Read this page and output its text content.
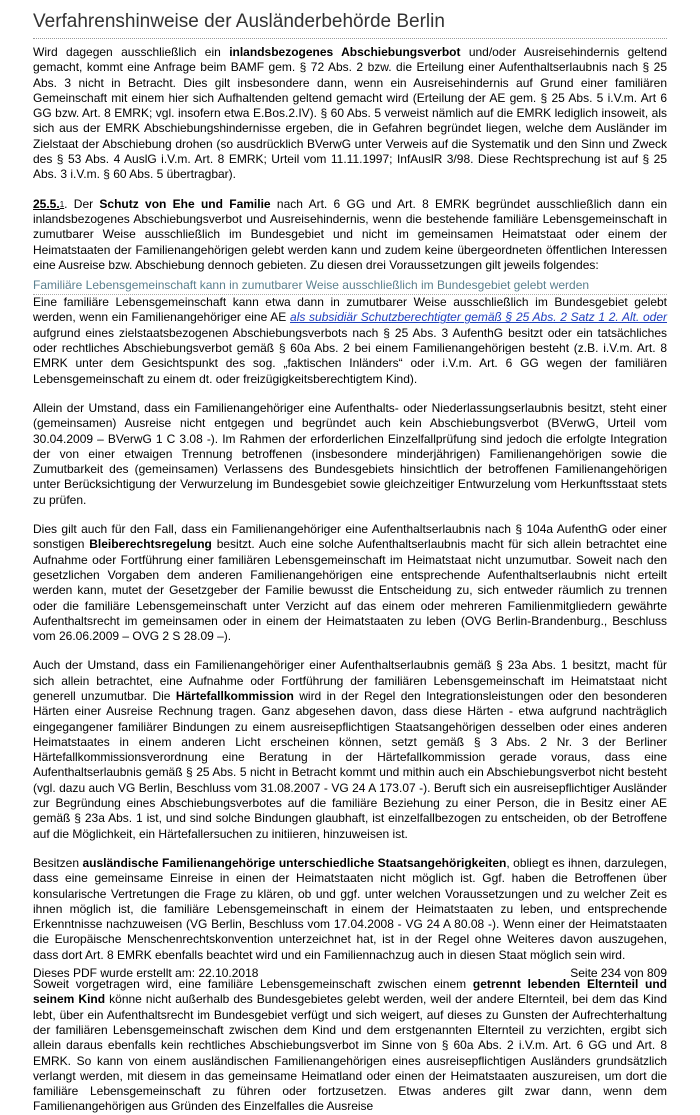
Verfahrenshinweise der Ausländerbehörde Berlin

Wird dagegen ausschließlich ein inlandsbezogenes Abschiebungsverbot und/oder Ausreisehindernis geltend gemacht, kommt eine Anfrage beim BAMF gem. § 72 Abs. 2 bzw. die Erteilung einer Aufenthaltserlaubnis nach § 25 Abs. 3 nicht in Betracht. Dies gilt insbesondere dann, wenn ein Ausreisehindernis auf Grund einer familiären Gemeinschaft mit einem hier sich Aufhaltenden geltend gemacht wird (Erteilung der AE gem. § 25 Abs. 5 i.V.m. Art 6 GG bzw. Art. 8 EMRK; vgl. insofern etwa E.Bos.2.IV). § 60 Abs. 5 verweist nämlich auf die EMRK lediglich insoweit, als sich aus der EMRK Abschiebungshindernisse ergeben, die in Gefahren begründet liegen, welche dem Ausländer im Zielstaat der Abschiebung drohen (so ausdrücklich BVerwG unter Verweis auf die Systematik und den Sinn und Zweck des § 53 Abs. 4 AuslG i.V.m. Art. 8 EMRK; Urteil vom 11.11.1997; InfAuslR 3/98. Diese Rechtsprechung ist auf § 25 Abs. 3 i.V.m. § 60 Abs. 5 übertragbar).

25.5.1. Der Schutz von Ehe und Familie nach Art. 6 GG und Art. 8 EMRK begründet ausschließlich dann ein inlandsbezogenes Abschiebungsverbot und Ausreisehindernis, wenn die bestehende familiäre Lebensgemeinschaft in zumutbarer Weise ausschließlich im Bundesgebiet und nicht im gemeinsamen Heimatstaat oder einem der Heimatstaaten der Familienangehörigen gelebt werden kann und zudem keine übergeordneten öffentlichen Interessen eine Ausreise bzw. Abschiebung dennoch gebieten. Zu diesen drei Voraussetzungen gilt jeweils folgendes:

Familiäre Lebensgemeinschaft kann in zumutbarer Weise ausschließlich im Bundesgebiet gelebt werden

Eine familiäre Lebensgemeinschaft kann etwa dann in zumutbarer Weise ausschließlich im Bundesgebiet gelebt werden, wenn ein Familienangehöriger eine AE als subsidiär Schutzberechtigter gemäß § 25 Abs. 2 Satz 1 2. Alt. oder aufgrund eines zielstaatsbezogenen Abschiebungsverbots nach § 25 Abs. 3 AufenthG besitzt oder ein tatsächliches oder rechtliches Abschiebungsverbot gemäß § 60a Abs. 2 bei einem Familienangehörigen besteht (z.B. i.V.m. Art. 8 EMRK unter dem Gesichtspunkt des sog. „faktischen Inländers“ oder i.V.m. Art. 6 GG wegen der familiären Lebensgemeinschaft zu einem dt. oder freizügigkeitsberechtigtem Kind).

Allein der Umstand, dass ein Familienangehöriger eine Aufenthalts- oder Niederlassungserlaubnis besitzt, steht einer (gemeinsamen) Ausreise nicht entgegen und begründet auch kein Abschiebungsverbot (BVerwG, Urteil vom 30.04.2009 – BVerwG 1 C 3.08 -). Im Rahmen der erforderlichen Einzelfallprüfung sind jedoch die erfolgte Integration der von einer etwaigen Trennung betroffenen (insbesondere minderjährigen) Familienangehörigen sowie die Zumutbarkeit des (gemeinsamen) Verlassens des Bundesgebiets hinsichtlich der betroffenen Familienangehörigen unter Berücksichtigung der Verwurzelung im Bundesgebiet sowie gleichzeitiger Entwurzelung vom Herkunftsstaat stets zu prüfen.

Dies gilt auch für den Fall, dass ein Familienangehöriger eine Aufenthaltserlaubnis nach § 104a AufenthG oder einer sonstigen Bleiberechtsregelung besitzt. Auch eine solche Aufenthaltserlaubnis macht für sich allein betrachtet eine Aufnahme oder Fortführung einer familiären Lebensgemeinschaft im Heimatstaat nicht unzumutbar. Soweit nach den gesetzlichen Vorgaben dem anderen Familienangehörigen eine entsprechende Aufenthaltserlaubnis nicht erteilt werden kann, mutet der Gesetzgeber der Familie bewusst die Entscheidung zu, sich entweder räumlich zu trennen oder die familiäre Lebensgemeinschaft unter Verzicht auf das einem oder mehreren Familienmitgliedern gewährte Aufenthaltsrecht im gemeinsamen oder in einem der Heimatstaaten zu leben (OVG Berlin-Brandenburg., Beschluss vom 26.06.2009 – OVG 2 S 28.09 –).

Auch der Umstand, dass ein Familienangehöriger einer Aufenthaltserlaubnis gemäß § 23a Abs. 1 besitzt, macht für sich allein betrachtet, eine Aufnahme oder Fortführung der familiären Lebensgemeinschaft im Heimatstaat nicht generell unzumutbar. Die Härtefallkommission wird in der Regel den Integrationsleistungen oder den besonderen Härten einer Ausreise Rechnung tragen. Ganz abgesehen davon, dass diese Härten - etwa aufgrund nachträglich eingegangener familiärer Bindungen zu einem ausreisepflichtigen Staatsangehörigen desselben oder eines anderen Heimatstaates in einem anderen Licht erscheinen können, setzt gemäß § 3 Abs. 2 Nr. 3 der Berliner Härtefallkommissionsverordnung eine Beratung in der Härtefallkommission gerade voraus, dass eine Aufenthaltserlaubnis gemäß § 25 Abs. 5 nicht in Betracht kommt und mithin auch ein Abschiebungsverbot nicht besteht (vgl. dazu auch VG Berlin, Beschluss vom 31.08.2007 - VG 24 A 173.07 -). Beruft sich ein ausreisepflichtiger Ausländer zur Begründung eines Abschiebungsverbotes auf die familiäre Beziehung zu einer Person, die in Besitz einer AE gemäß § 23a Abs. 1 ist, und sind solche Bindungen glaubhaft, ist einzelfallbezogen zu entscheiden, ob der Betroffene auf die Möglichkeit, ein Härtefallersuchen zu initiieren, hinzuweisen ist.

Besitzen ausländische Familienangehörige unterschiedliche Staatsangehörigkeiten, obliegt es ihnen, darzulegen, dass eine gemeinsame Einreise in einen der Heimatstaaten nicht möglich ist. Ggf. haben die Betroffenen über konsularische Vertretungen die Frage zu klären, ob und ggf. unter welchen Voraussetzungen und zu welcher Zeit es ihnen möglich ist, die familiäre Lebensgemeinschaft in einem der Heimatstaaten zu leben, und entsprechende Erkenntnisse nachzuweisen (VG Berlin, Beschluss vom 17.04.2008 - VG 24 A 80.08 -). Wenn einer der Heimatstaaten die Europäische Menschenrechtskonvention unterzeichnet hat, ist in der Regel ohne Weiteres davon auszugehen, dass dort Art. 8 EMRK ebenfalls beachtet wird und ein Familiennachzug auch in diesen Staat möglich sein wird.

Soweit vorgetragen wird, eine familiäre Lebensgemeinschaft zwischen einem getrennt lebenden Elternteil und seinem Kind könne nicht außerhalb des Bundesgebietes gelebt werden, weil der andere Elternteil, bei dem das Kind lebt, über ein Aufenthaltsrecht im Bundesgebiet verfügt und sich weigert, auf dieses zu Gunsten der Aufrechterhaltung der familiären Lebensgemeinschaft zwischen dem Kind und dem erstgenannten Elternteil zu verzichten, ergibt sich allein daraus ebenfalls kein rechtliches Abschiebungsverbot im Sinne von § 60a Abs. 2 i.V.m. Art. 6 GG und Art. 8 EMRK. So kann von einem ausländischen Familienangehörigen eines ausreisepflichtigen Ausländers grundsätzlich verlangt werden, mit diesem in das gemeinsame Heimatland oder einen der Heimatstaaten auszureisen, um dort die familiäre Lebensgemeinschaft zu führen oder fortzusetzen. Etwas anderes gilt zwar dann, wenn dem Familienangehörigen aus Gründen des Einzelfalles die Ausreise

Dieses PDF wurde erstellt am: 22.10.2018	Seite 234 von 809
